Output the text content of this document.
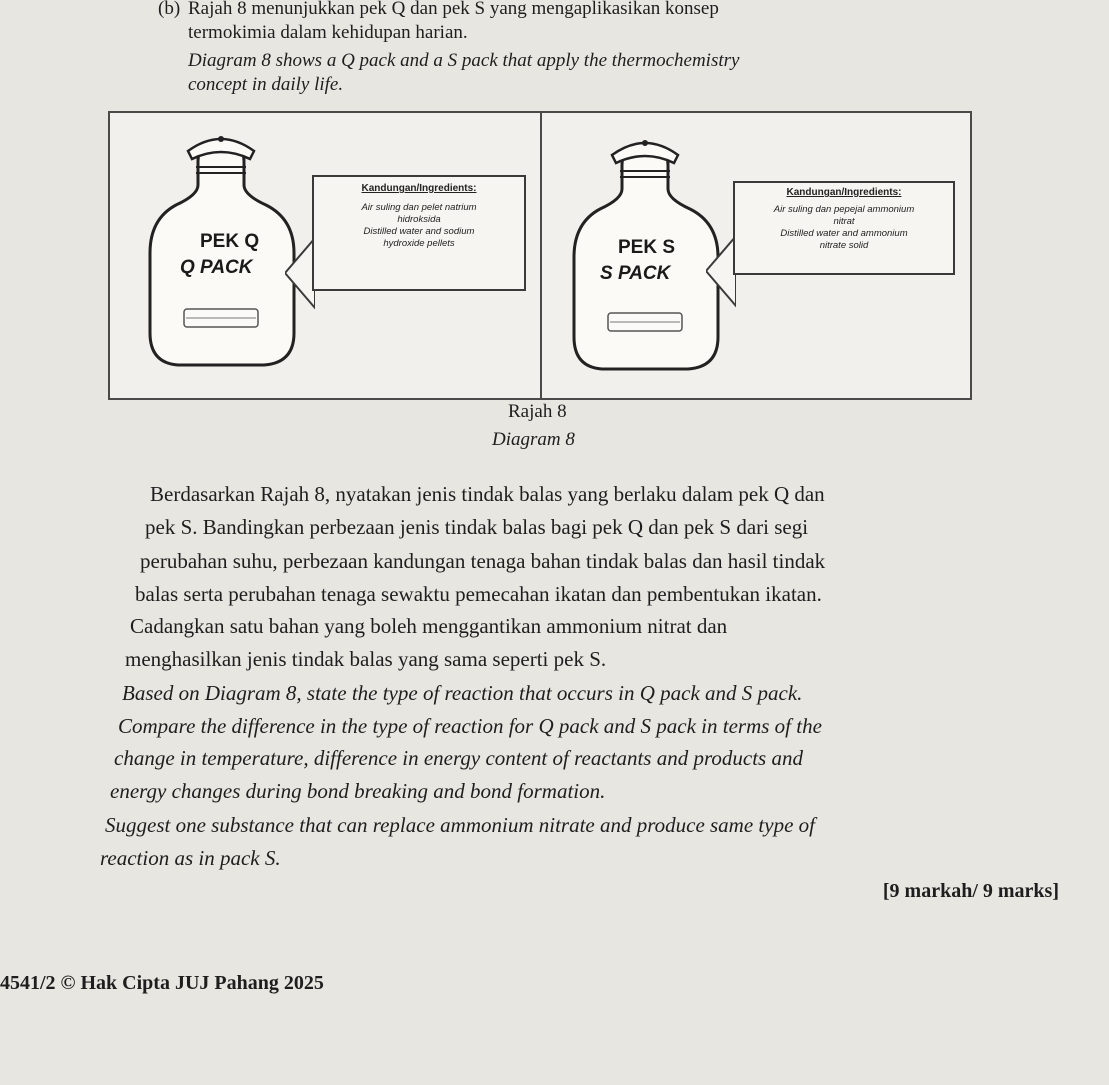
(b) Rajah 8 menunjukkan pek Q dan pek S yang mengaplikasikan konsep
termokimia dalam kehidupan harian.
Diagram 8 shows a Q pack and a S pack that apply the thermochemistry
concept in daily life.
PEK Q
Q PACK
Kandungan/Ingredients:
Air suling dan pelet natrium
hidroksida
Distilled water and sodium
hydroxide pellets	PEK S
S PACK
Kandungan/Ingredients:
Air suling dan pepejal ammonium
nitrat
Distilled water and ammonium
nitrate solid
Rajah 8
Diagram 8
Berdasarkan Rajah 8, nyatakan jenis tindak balas yang berlaku dalam pek Q dan
pek S. Bandingkan perbezaan jenis tindak balas bagi pek Q dan pek S dari segi
perubahan suhu, perbezaan kandungan tenaga bahan tindak balas dan hasil tindak
balas serta perubahan tenaga sewaktu pemecahan ikatan dan pembentukan ikatan.
Cadangkan satu bahan yang boleh menggantikan ammonium nitrat dan
menghasilkan jenis tindak balas yang sama seperti pek S.
Based on Diagram 8, state the type of reaction that occurs in Q pack and S pack.
Compare the difference in the type of reaction for Q pack and S pack in terms of the
change in temperature, difference in energy content of reactants and products and
energy changes during bond breaking and bond formation.
Suggest one substance that can replace ammonium nitrate and produce same type of
reaction as in pack S.
[9 markah/ 9 marks]
4541/2 © Hak Cipta JUJ Pahang 2025
